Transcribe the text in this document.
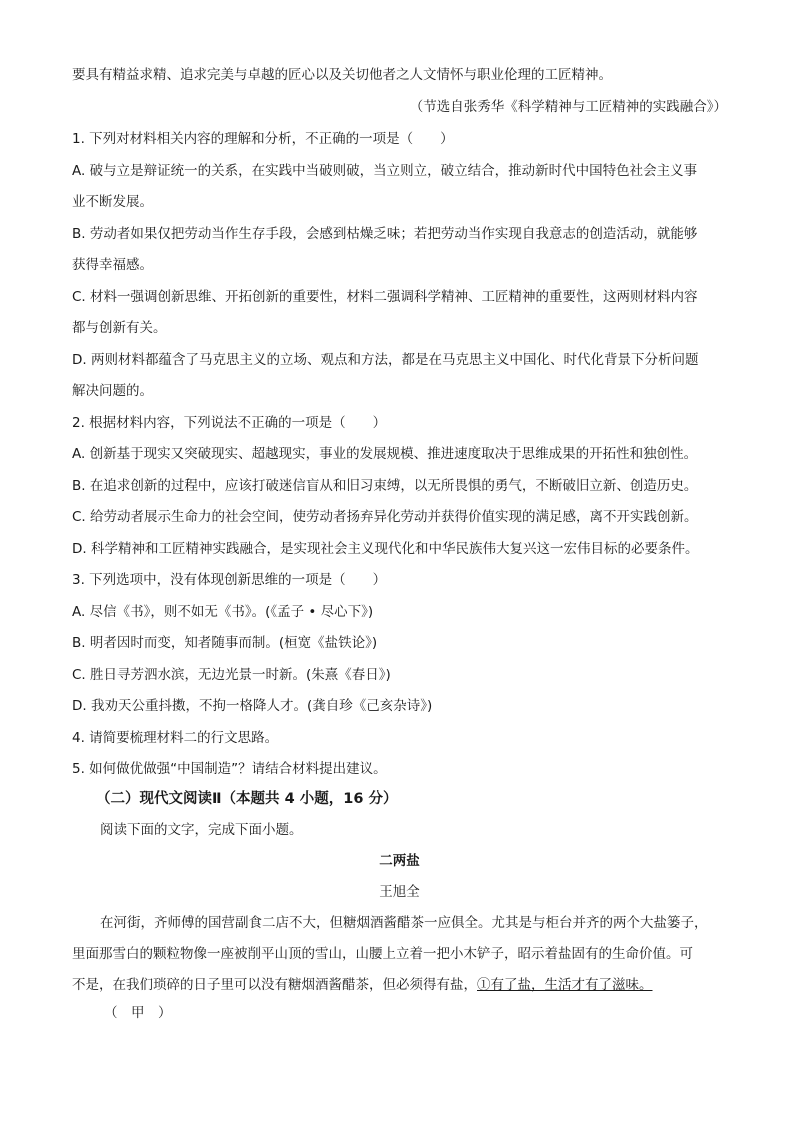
要具有精益求精、追求完美与卓越的匠心以及关切他者之人文情怀与职业伦理的工匠精神。
（节选自张秀华《科学精神与工匠精神的实践融合》）
1. 下列对材料相关内容的理解和分析，不正确的一项是（　　）
A. 破与立是辩证统一的关系，在实践中当破则破，当立则立，破立结合，推动新时代中国特色社会主义事
业不断发展。
B. 劳动者如果仅把劳动当作生存手段，会感到枯燥乏味；若把劳动当作实现自我意志的创造活动，就能够
获得幸福感。
C. 材料一强调创新思维、开拓创新的重要性，材料二强调科学精神、工匠精神的重要性，这两则材料内容
都与创新有关。
D. 两则材料都蕴含了马克思主义的立场、观点和方法，都是在马克思主义中国化、时代化背景下分析问题
解决问题的。
2. 根据材料内容，下列说法不正确的一项是（　　）
A. 创新基于现实又突破现实、超越现实，事业的发展规模、推进速度取决于思维成果的开拓性和独创性。
B. 在追求创新的过程中，应该打破迷信盲从和旧习束缚，以无所畏惧的勇气，不断破旧立新、创造历史。
C. 给劳动者展示生命力的社会空间，使劳动者扬弃异化劳动并获得价值实现的满足感，离不开实践创新。
D. 科学精神和工匠精神实践融合，是实现社会主义现代化和中华民族伟大复兴这一宏伟目标的必要条件。
3. 下列选项中，没有体现创新思维的一项是（　　）
A. 尽信《书》，则不如无《书》。(《孟子 • 尽心下》)
B. 明者因时而变，知者随事而制。(桓宽《盐铁论》)
C. 胜日寻芳泗水滨，无边光景一时新。(朱熹《春日》)
D. 我劝天公重抖擞，不拘一格降人才。(龚自珍《己亥杂诗》)
4. 请简要梳理材料二的行文思路。
5. 如何做优做强“中国制造”？请结合材料提出建议。
（二）现代文阅读Ⅱ（本题共 4 小题，16 分）
阅读下面的文字，完成下面小题。
二两盐
王旭全
在河街，齐师傅的国营副食二店不大，但糖烟酒酱醋茶一应俱全。尤其是与柜台并齐的两个大盐篓子，
里面那雪白的颗粒物像一座被削平山顶的雪山，山腰上立着一把小木铲子，昭示着盐固有的生命价值。可
不是，在我们琐碎的日子里可以没有糖烟酒酱醋茶，但必须得有盐，①有了盐，生活才有了滋味。
（　甲　）
